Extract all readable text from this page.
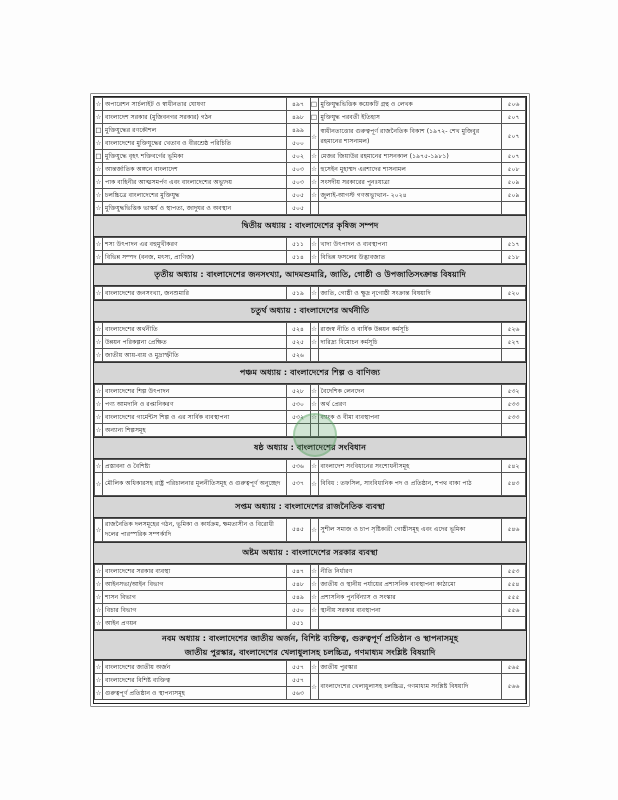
☆	অপারেশন সার্চলাইট ও স্বাধীনতার ঘোষণা	৪৯৭	□	মুক্তিযুদ্ধভিত্তিক কয়েকটি গ্রন্থ ও লেখক	৫০৬
☆	বাংলাদেশ সরকার (মুজিবনগর সরকার) গঠন	৪৯৮	□	মুক্তিযুদ্ধ পরবর্তী ইতিহাস	৫০৭
□	মুক্তিযুদ্ধের রণকৌশল	৪৯৯	☆	স্বাধীনতাত্তোর গুরুত্বপূর্ণ রাজনৈতিক বিকাশ (১৯৭২- শেখ মুজিবুর রহমানের শাসনামল)	৫০৭
☆	বাংলাদেশের মুক্তিযুদ্ধের খেতাব ও বীরশ্রেষ্ঠ পরিচিতি	৫০০			
□	মুক্তিযুদ্ধে বৃহৎ শক্তিবর্গের ভূমিকা	৫০২	☆	মেজর জিয়াউর রহমানের শাসনকাল (১৯৭৫-১৯৮১)	৫০৭
☆	আন্তর্জাতিক অঙ্গনে বাংলাদেশ	৫০৩	☆	হুসেইন মুহাম্মদ এরশাদের শাসনামল	৫০৮
☆	পাক বাহিনীর আত্মসমর্পণ এবং বাংলাদেশের অভ্যুদয়	৫০৩	☆	সংসদীয় সরকারের পুনঃযাত্রা	৫০৯
☆	চলচ্চিত্রে বাংলাদেশের মুক্তিযুদ্ধ	৫০৫	☆	জুলাই-আগস্ট গণঅভ্যুত্থান- ২০২৪	৫০৯
☆	মুক্তিযুদ্ধভিত্তিক ভাস্কর্য ও স্থাপত্য, জাদুঘর ও অবস্থান	৫০৫			
দ্বিতীয় অধ্যায় : বাংলাদেশের কৃষিজ সম্পদ
☆	শস্য উৎপাদন এর বহুমুখীকরণ	৫১১	☆	খাদ্য উৎপাদন ও ব্যবস্থাপনা	৫১৭
☆	বিভিন্ন সম্পদ (বনজ, মৎস্য, প্রাণিজ)	৫১৪	☆	বিভিন্ন ফসলের উদ্ভাবজাত	৫১৮
তৃতীয় অধ্যায় : বাংলাদেশের জনসংখ্যা, আদমশুমারি, জাতি, গোষ্ঠী ও উপজাতিসংক্রান্ত বিষয়াদি
☆	বাংলাদেশের জনসংখ্যা, জনশুমারি	৫১৯	☆	জাতি, গোষ্ঠী ও ক্ষুদ্র নৃগোষ্ঠী সংক্রান্ত বিষয়াদি	৫২০
চতুর্থ অধ্যায় : বাংলাদেশের অর্থনীতি
☆	বাংলাদেশের অর্থনীতি	৫২৪	☆	রাজস্ব নীতি ও বার্ষিক উন্নয়ন কর্মসূচি	৫২৬
☆	উন্নয়ন পরিকল্পনা প্রেক্ষিত	৫২৫	☆	দারিদ্র্য বিমোচন কর্মসূচি	৫২৭
☆	জাতীয় আয়-ব্যয় ও মুদ্রাস্ফীতি	৫২৬			
পঞ্চম অধ্যায় : বাংলাদেশের শিল্প ও বাণিজ্য
☆	বাংলাদেশের শিল্প উৎপাদন	৫২৮	☆	বৈদেশিক লেনদেন	৫৩২
☆	পণ্য আমদানি ও রপ্তানিকরণ	৫৩০	☆	অর্থ প্রেরণ	৫৩৩
☆	বাংলাদেশের গার্মেন্টস শিল্প ও এর সার্বিক ব্যবস্থাপনা	৫৩২	☆	ব্যাংক ও বীমা ব্যবস্থাপনা	৫৩৩
☆	অন্যান্য শিল্পসমূহ				
ষষ্ঠ অধ্যায় : বাংলাদেশের সংবিধান
☆	প্রস্তাবনা ও বৈশিষ্ট্য	৫৩৬	☆	বাংলাদেশ সংবিধানের সংশোধনীসমূহ	৫৪২
☆	মৌলিক অধিকারসহ রাষ্ট্র পরিচালনার মূলনীতিসমূহ ও গুরুত্বপূর্ণ অনুচ্ছেদ	৫৩৭	☆	বিবিধ : তফসিল, সাংবিধানিক পদ ও প্রতিষ্ঠান, শপথ বাক্য পাঠ	৫৪৩
সপ্তম অধ্যায় : বাংলাদেশের রাজনৈতিক ব্যবস্থা
☆	রাজনৈতিক দলসমূহের গঠন, ভূমিকা ও কার্যক্রম, ক্ষমতাসীন ও বিরোধী দলের পারস্পরিক সম্পর্কাদি	৫৪৫	☆	সুশীল সমাজ ও চাপ সৃষ্টিকারী গোষ্ঠীসমূহ এবং এদের ভূমিকা	৫৪৬
অষ্টম অধ্যায় : বাংলাদেশের সরকার ব্যবস্থা
☆	বাংলাদেশের সরকার ব্যবস্থা	৫৪৭	☆	নীতি নির্ধারণ	৫৫৩
☆	আইনসভা/আইন বিভাগ	৫৪৮	☆	জাতীয় ও স্থানীয় পর্যায়ের প্রশাসনিক ব্যবস্থাপনা কাঠামো	৫৫৪
☆	শাসন বিভাগ	৫৪৯	☆	প্রশাসনিক পুনর্বিন্যাস ও সংস্কার	৫৫৫
☆	বিচার বিভাগ	৫৫০	☆	স্থানীয় সরকার ব্যবস্থাপনা	৫৫৬
☆	আইন প্রণয়ন	৫৫১			
নবম অধ্যায় : বাংলাদেশের জাতীয় অর্জন, বিশিষ্ট ব্যক্তিত্ব, গুরুত্বপূর্ণ প্রতিষ্ঠান ও স্থাপনাসমূহ
জাতীয় পুরস্কার, বাংলাদেশের খেলাধুলাসহ চলচ্চিত্র, গণমাধ্যম সংশ্লিষ্ট বিষয়াদি
☆	বাংলাদেশের জাতীয় অর্জন	৫৫৭	☆	জাতীয় পুরস্কার	৫৬৫
☆	বাংলাদেশের বিশিষ্ট ব্যক্তিত্ব	৫৫৭	☆	বাংলাদেশের খেলাধুলাসহ চলচ্চিত্র, গণমাধ্যম সংশ্লিষ্ট বিষয়াদি	৫৬৬
☆	গুরুত্বপূর্ণ প্রতিষ্ঠান ও স্থাপনাসমূহ	৫৬৩			
